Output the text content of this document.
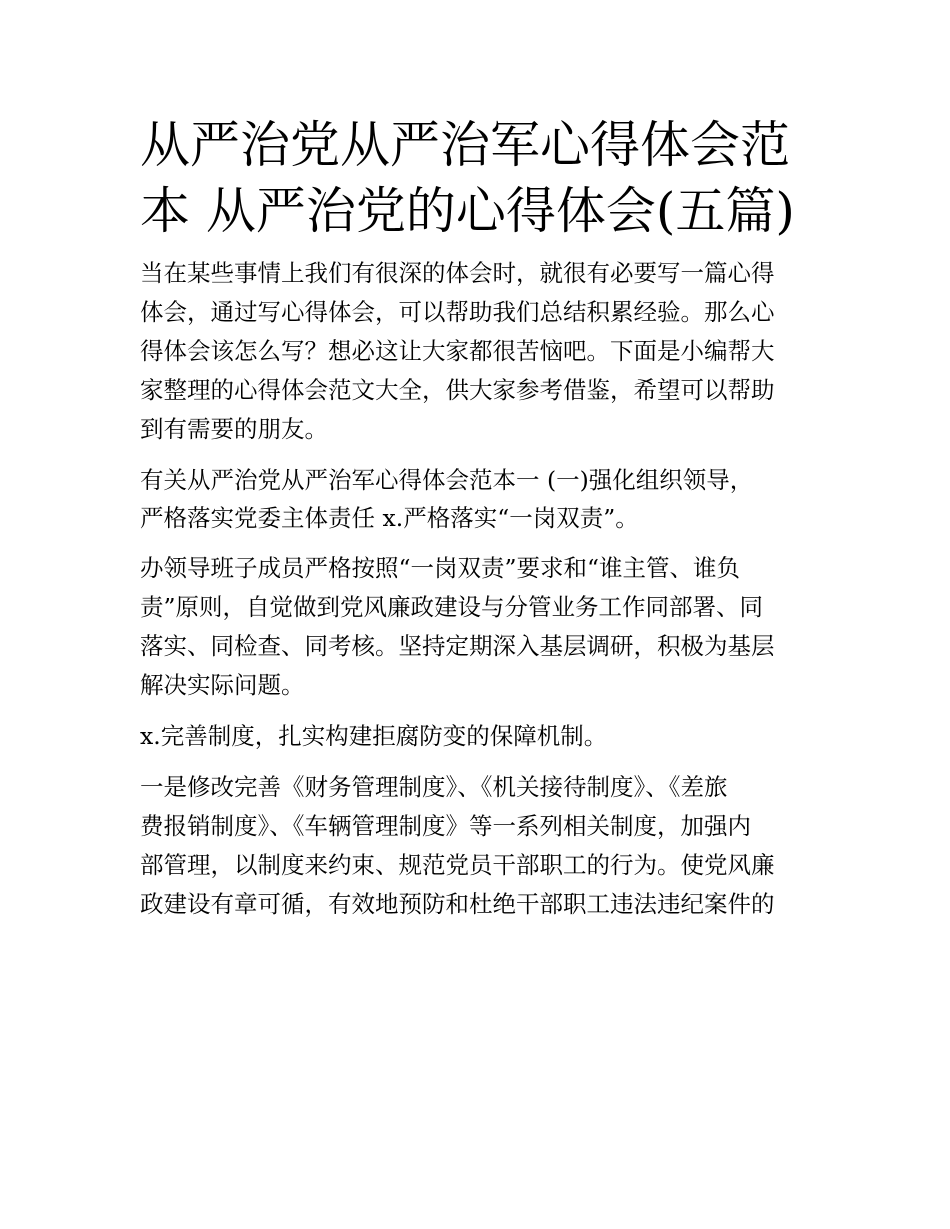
从严治党从严治军心得体会范
本 从严治党的心得体会(五篇)

当在某些事情上我们有很深的体会时，就很有必要写一篇心得
体会，通过写心得体会，可以帮助我们总结积累经验。那么心
得体会该怎么写？想必这让大家都很苦恼吧。下面是小编帮大
家整理的心得体会范文大全，供大家参考借鉴，希望可以帮助
到有需要的朋友。

有关从严治党从严治军心得体会范本一 (一)强化组织领导，
严格落实党委主体责任 x.严格落实“一岗双责”。

办领导班子成员严格按照“一岗双责”要求和“谁主管、谁负
责”原则，自觉做到党风廉政建设与分管业务工作同部署、同
落实、同检查、同考核。坚持定期深入基层调研，积极为基层
解决实际问题。

x.完善制度，扎实构建拒腐防变的保障机制。

一是修改完善《财务管理制度》、《机关接待制度》、《差旅
费报销制度》、《车辆管理制度》等一系列相关制度，加强内
部管理，以制度来约束、规范党员干部职工的行为。使党风廉
政建设有章可循，有效地预防和杜绝干部职工违法违纪案件的
